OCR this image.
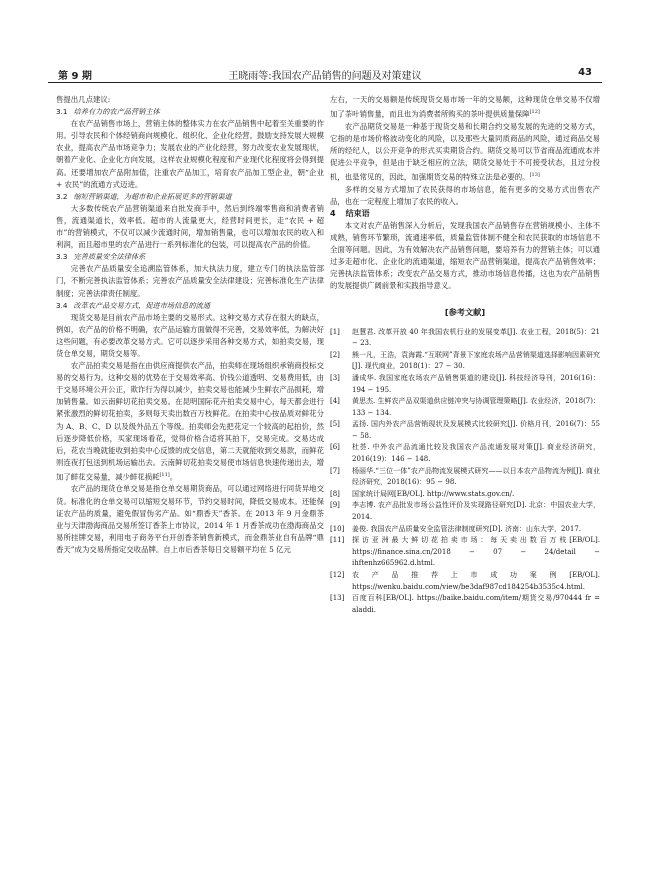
第 9 期	王晓雨等:我国农产品销售的问题及对策建议	43

售提出几点建议:

3.1 培养有力的农产品营销主体

在农产品销售市场上，营销主体的整体实力在农产品销售中起着至关重要的作用。引导农民和个体经销商向规模化、组织化、企业化经营。鼓励支持发展大规模农业，提高农产品市场竞争力；发展农业的产业化经营，努力改变农业发展现状，朝着产业化、企业化方向发展，这样农业规模化程度和产业现代化程度将会得到提高。还要增加农产品附加值，注重农产品加工，培育农产品加工型企业，朝“企业 + 农民”的流通方式迈进。

3.2 缩短营销渠道，为超市和企业拓展更多的营销渠道

大多数传统农产品营销渠道来自批发商手中，然后到终端零售商和消费者销售，流通渠道长，效率低。超市的人流量更大，经营时间更长，走“农民 + 超市”的营销模式，不仅可以减少流通时间，增加销售量，也可以增加农民的收入和利润，而且超市里的农产品进行一系列标准化的包装，可以提高农产品的价值。

3.3 完善质量安全法律体系

完善农产品质量安全追溯监管体系，加大执法力度，建立专门的执法监管部门，不断完善执法监管体系；完善农产品质量安全法律建设；完善标准化生产法律制度；完善法律责任制度。

3.4 改革农产品交易方式，促进市场信息的流通

现货交易是目前农产品市场主要的交易形式。这种交易方式存在很大的缺点，例如，农产品的价格不明确，农产品运输方面做得不完善，交易效率低，为解决好这些问题，有必要改革交易方式。它可以逐步采用各种交易方式，如拍卖交易，现货仓单交易，期货交易等。

农产品拍卖交易是指在由供应商提供农产品，拍卖师在现场组织承销商投标交易的交易行为。这种交易的优势在于交易效率高、价钱公道透明、交易费用低，由于交易环境公开公正，欺诈行为得以减少，拍卖交易也能减少生鲜农产品损耗，增加销售量。如云南鲜切花拍卖交易。在昆明国际花卉拍卖交易中心，每天都会进行紧张激烈的鲜切花拍卖，多则每天卖出数百万枝鲜花。在拍卖中心按品质对鲜花分为 A、B、C、D 以及级外品五个等级。拍卖师会先把花定一个较高的起拍价，然后逐步降低价格，买家现场看花，觉得价格合适将其拍下，交易完成。交易达成后，花农当晚就能收到拍卖中心反馈的成交信息，第二天就能收到交易款，而鲜花则连夜打包送到机场运输出去。云南鲜切花拍卖交易使市场信息快速传递出去，增加了鲜花交易量，减少鲜花损耗[11]。

农产品的现货仓单交易是指仓单交易期货商品，可以通过网络进行同货异地交货。标准化的仓单交易可以缩短交易环节，节约交易时间，降低交易成本。还能保证农产品的质量，避免假冒伪劣产品。如“鼎香天”香茶。在 2013 年 9 月金鼎茶业与天津渤海商品交易所签订香茶上市协议，2014 年 1 月香茶成功在渤海商品交易所挂牌交易，利用电子商务平台开创香茶销售新模式，而金鼎茶业自有品牌“鼎香天”成为交易所指定交收品牌。自上市后香茶每日交易额平均在 5 亿元

左右，一天的交易额是传统现货交易市场一年的交易额，这种现货仓单交易不仅增加了茶叶销售量，而且也为消费者所购买的茶叶提供质量保障[12]

农产品期货交易是一种基于现货交易和长期合约交易发展的先进的交易方式，它指的是市场价格波动变化的风险，以及那些大量同质商品的风险，通过商品交易所的经纪人，以公开竞争的形式买卖期货合约。期货交易可以节省商品流通成本并促进公平竞争，但是由于缺乏相应的立法，期货交易处于不可接受状态，且过分投机，也是常见的，因此，加强期货交易的特殊立法是必要的。[13]

多样的交易方式增加了农民获得的市场信息，能有更多的交易方式出售农产品，也在一定程度上增加了农民的收入。

4 结束语

本文对农产品销售深入分析后，发现我国农产品销售存在营销规模小、主体不成熟，销售环节繁琐，流通速率低，质量监管体制不健全和农民获取的市场信息不全面等问题。因此，为有效解决农产品销售问题，要培养有力的营销主体；可以通过多走超市化、企业化的流通渠道，缩短农产品营销渠道，提高农产品销售效率；完善执法监管体系；改变农产品交易方式，推动市场信息传播，这也为农产品销售的发展提供广阔前景和实践指导意义。

[参考文献]
[1]	赵慧君. 改革开放 40 年我国农机行业的发展变革[J]. 农业工程，2018(5)：21 − 23.
[2]	熊一凡，王浩，袁海霞.“互联网”背景下家庭农场产品营销渠道选择影响因素研究[J]. 现代商业，2018(1)：27 − 30.
[3]	潘成华. 我国家庭农场农产品销售渠道的建设[J]. 科技经济导刊，2016(16)：194 − 195.
[4]	黄思杰. 生鲜农产品双渠道供应链冲突与协调管理策略[J]. 农业经济，2018(7)：133 − 134.
[5]	孟扬. 国内外农产品营销现状及发展模式比较研究[J]. 价格月刊，2016(7)：55 − 58.
[6]	杜荟. 中外农产品流通比较及我国农产品流通发展对策[J]. 商业经济研究，2016(19)：146 − 148.
[7]	杨丽华.“三位一体”农产品物流发展模式研究——以日本农产品物流为例[J]. 商业经济研究，2018(16)：95 − 98.
[8]	国家统计局网[EB/OL]. http://www.stats.gov.cn/.
[9]	李志博. 农产品批发市场公益性评价及实现路径研究[D]. 北京：中国农业大学，2014.
[10]	姜俊. 我国农产品质量安全监管法律制度研究[D]. 济南：山东大学，2017.
[11]	探访亚洲最大鲜切花拍卖市场：每天卖出数百万枝[EB/OL]. https://finance.sina.cn/2018 − 07 − 24/detail − ihftenhz665962.d.html.
[12]	农产品推荐上市成功案例[EB/OL]. https://wenku.baidu.com/view/be3daf987cd184254b3535c4.html.
[13]	百度百科[EB/OL]. https://baike.baidu.com/item/期货交易/970444 fr = aladdi.
